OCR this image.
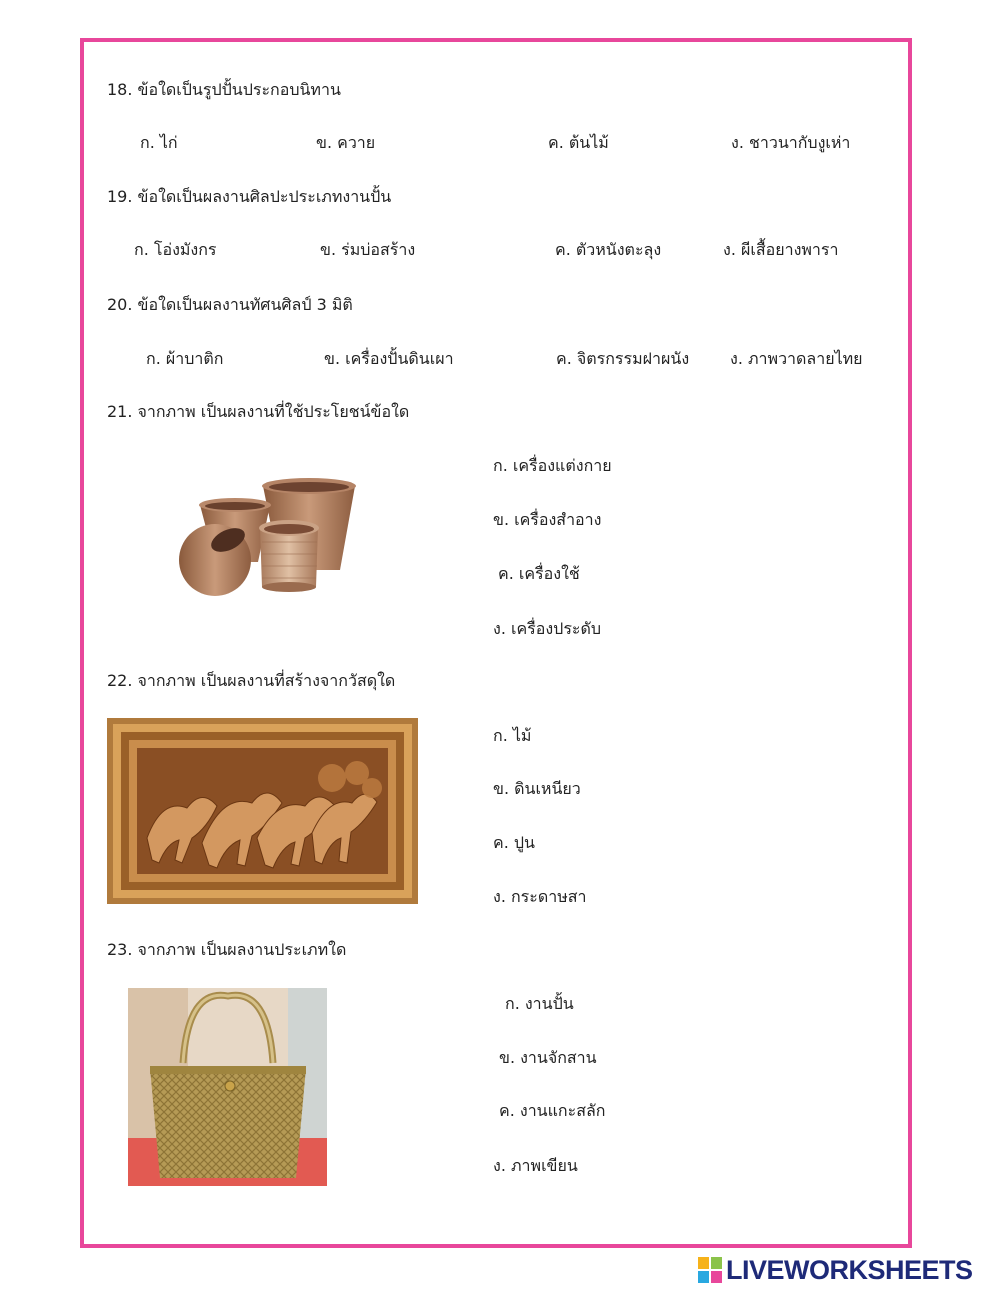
18. ข้อใดเป็นรูปปั้นประกอบนิทาน
ก. ไก่	ข. ควาย	ค. ต้นไม้	ง. ชาวนากับงูเห่า
19. ข้อใดเป็นผลงานศิลปะประเภทงานปั้น
ก. โอ่งมังกร	ข. ร่มบ่อสร้าง	ค. ตัวหนังตะลุง	ง. ผีเสื้อยางพารา
20. ข้อใดเป็นผลงานทัศนศิลป์ 3 มิติ
ก. ผ้าบาติก	ข. เครื่องปั้นดินเผา	ค. จิตรกรรมฝาผนัง	ง. ภาพวาดลายไทย
21. จากภาพ เป็นผลงานที่ใช้ประโยชน์ข้อใด
ก. เครื่องแต่งกาย
ข. เครื่องสำอาง
ค. เครื่องใช้
ง. เครื่องประดับ
22. จากภาพ เป็นผลงานที่สร้างจากวัสดุใด
ก. ไม้
ข. ดินเหนียว
ค. ปูน
ง. กระดาษสา
23. จากภาพ เป็นผลงานประเภทใด
ก. งานปั้น
ข. งานจักสาน
ค. งานแกะสลัก
ง. ภาพเขียน
LIVEWORKSHEETS
